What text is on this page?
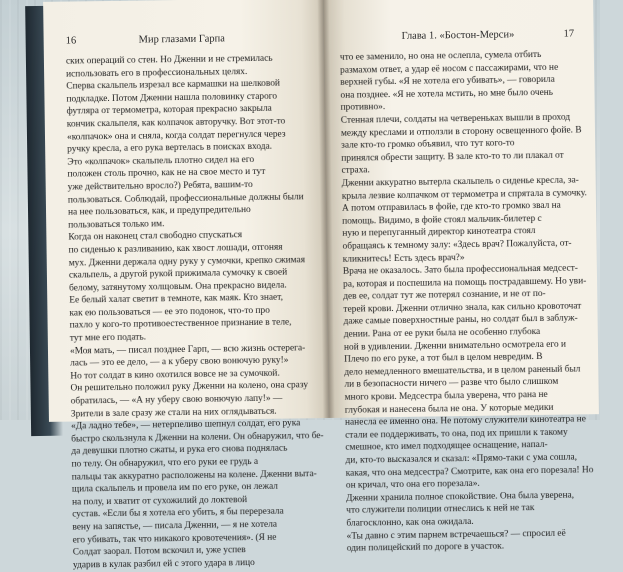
16	Мир глазами Гарпа
ских операций со стен. Но Дженни и не стремилась
использовать его в профессиональных целях.
Сперва скальпель изрезал все кармашки на шелковой
подкладке. Потом Дженни нашла половинку старого
футляра от термометра, которая прекрасно закрыла
кончик скальпеля, как колпачок авторучку. Вот этот-то
«колпачок» она и сняла, когда солдат перегнулся через
ручку кресла, а его рука вертелась в поисках входа.
Это «колпачок» скальпель плотно сидел на его
положен столь прочно, как не на свое место и тут
уже действительно вросло?) Ребята, вашим-то
пользоваться. Соблюдай, профессиональные должны были
на нее пользоваться, как, и предупредительно
пользоваться только им.
Когда он наконец стал свободно спускаться
по сиденью к разливанию, как хвост лошади, отгоняя
мух. Дженни держала одну руку у сумочки, крепко сжимая
скальпель, а другой рукой прижимала сумочку к своей
белому, затянутому холщовым. Она прекрасно видела.
Ее белый халат светит в темноте, как маяк. Кто знает,
как ею пользоваться — ее это подонок, что-то про
пахло у кого-то противоестественное признание в теле,
тут мне его подать.
«Моя мать, — писал позднее Гарп, — всю жизнь остерега-
лась — это ее дело, — а к уберу свою вонючую руку!»
Но тот солдат в кино охотился вовсе не за сумочкой.
Он решительно положил руку Дженни на колено, она сразу
обратилась, — «А ну уберу свою вонючую лапу!» —
Зрители в зале сразу же стали на них оглядываться.
«Да ладно тебе», — нетерпеливо шепнул солдат, его рука
быстро скользнула к Дженни на колени. Он обнаружил, что бе-
да девушки плотно сжаты, и рука его снова поднялась
по телу. Он обнаружил, что его руки ее грудь а
пальцы так аккуратно расположены на колене. Дженни выта-
щила скальпель и провела им по его руке, он лежал
на полу, и хватит от сухожилий до локтевой
сустав. «Если бы я хотела его убить, я бы перерезала
вену на запястье, — писала Дженни, — я не хотела
его убивать, так что никакого кровотечения». (Я не
Солдат заорал. Потом вскочил и, уже успев
ударив в кулак разбил ей с этого удара в лицо
Глава 1. «Бостон-Мерси»	17
что ее заменило, но она не ослепла, сумела отбить
размахом ответ, а удар её носом с пассажирами, что не
верхней губы. «Я не хотела его убивать», — говорила
она позднее. «Я не хотела мстить, но мне было очень
противно».
Стенная плечи, солдаты на четвереньках вышли в проход
между креслами и отползли в сторону освещенного фойе. В
зале кто-то громко объявил, что тут кого-то
принялся обрести защиту. В зале кто-то то ли плакал от
страха.
Дженни аккуратно вытерла скальпель о сиденье кресла, за-
крыла лезвие колпачком от термометра и спрятала в сумочку.
А потом отправилась в фойе, где кто-то громко звал на
помощь. Видимо, в фойе стоял мальчик-билетер с
ную и перепуганный директор кинотеатра стоял
обращаясь к темному залу: «Здесь врач? Пожалуйста, от-
кликнитесь! Есть здесь врач?»
Врача не оказалось. Зато была профессиональная медсест-
ра, которая и поспешила на помощь пострадавшему. Но уви-
дев ее, солдат тут же потерял сознание, и не от по-
терей крови. Дженни отлично знала, как сильно кровоточат
даже самые поверхностные раны, но солдат был в заблуж-
дении. Рана от ее руки была не особенно глубока
ной в удивлении. Дженни внимательно осмотрела его и
Плечо по его руке, а тот был в целом невредим. В
дело немедленного вмешательства, и в целом раненый был
ли в безопасности ничего — разве что было слишком
много крови. Медсестра была уверена, что рана не
глубокая и нанесена была не она. У которые медики
нанесла ее именно она. Не потому служители кинотеатра не
стали ее поддерживать, то она, под их пришли к такому
смешное, кто имел подходящее оснащение, напал-
ди, кто-то высказался и сказал: «Прямо-таки с ума сошла,
какая, что она медсестра? Смотрите, как она его порезала! Но
он кричал, что она его порезала».
Дженни хранила полное спокойствие. Она была уверена,
что служители полиции отнеслись к ней не так
благосклонно, как она ожидала.
«Ты давно с этим парнем встречаешься? — спросил её
один полицейский по дороге в участок.
